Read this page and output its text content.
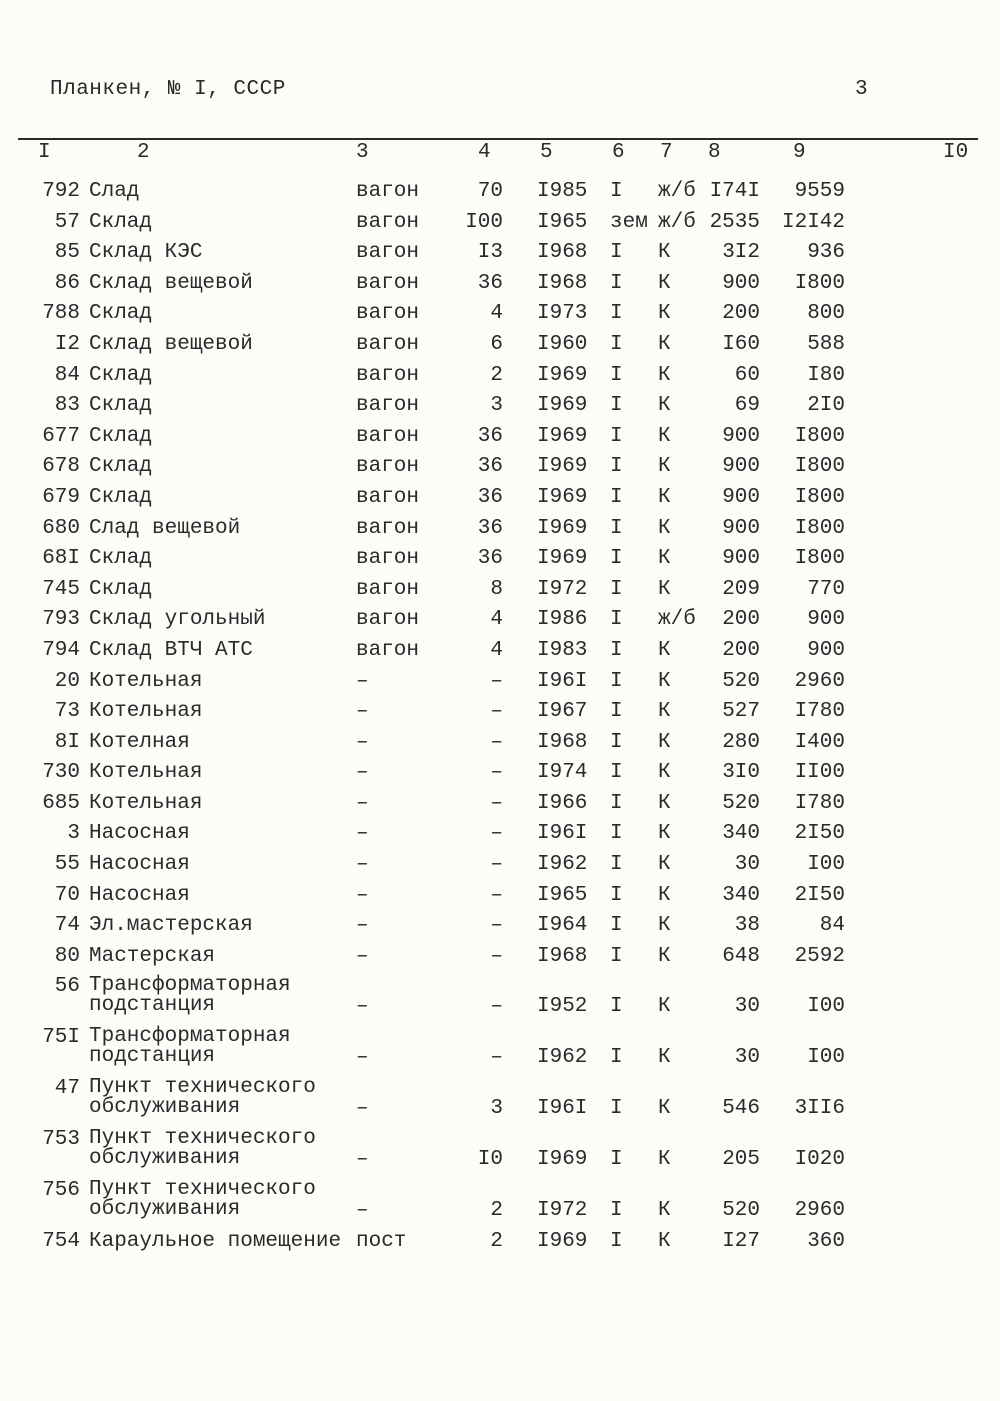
Планкен, № I, СССР	3
I	2	3	4 5	6 7 8	9	I0
792 Слад	вагон	70 I985 I ж/б I74I 9559
57 Склад	вагон I00 I965 зем ж/б 2535 I2I42
85 Склад КЭС	вагон	I3 I968 I К 3I2 936
86 Склад вещевой	вагон	36 I968 I К 900 I800
788 Склад	вагон	4 I973 I К 200 800
I2 Склад вещевой	вагон	6 I960 I К I60 588
84 Склад	вагон	2 I969 I К	60 I80
83 Склад	вагон	3 I969 I К	69 2I0
677 Склад	вагон	36 I969 I К 900 I800
678 Склад	вагон	36 I969 I К 900 I800
679 Склад	вагон	36 I969 I К 900 I800
680 Слад вещевой	вагон	36 I969 I К 900 I800
68I Склад	вагон	36 I969 I К 900 I800
745 Склад	вагон	8 I972 I К 209 770
793 Склад угольный	вагон	4 I986 I ж/б 200 900
794 Склад ВТЧ АТС	вагон	4 I983 I К 200 900
20 Котельная	–	– I96I I К 520 2960
73 Котельная	–	– I967 I К 527 I780
8I Котелная	–	– I968 I К 280 I400
730 Котельная	–	– I974 I К 3I0 II00
685 Котельная	–	– I966 I К 520 I780
3 Насосная	–	– I96I I К 340 2I50
55 Насосная	–	– I962 I К	30 I00
70 Насосная	–	– I965 I К 340 2I50
74 Эл.мастерская	–	– I964 I К	38	84
80 Мастерская	–	– I968 I К 648 2592
56 Трансформаторная
подстанция	–	– I952 I К	30 I00
75I Трансформаторная
подстанция	–	– I962 I К	30 I00
47 Пункт технического
обслуживания	–	3 I96I I К 546 3II6
753 Пункт технического
обслуживания	–	I0 I969 I К 205 I020
756 Пункт технического
обслуживания	–	2 I972 I К 520 2960
754 Караульное помещение пост	2 I969 I К I27 360
